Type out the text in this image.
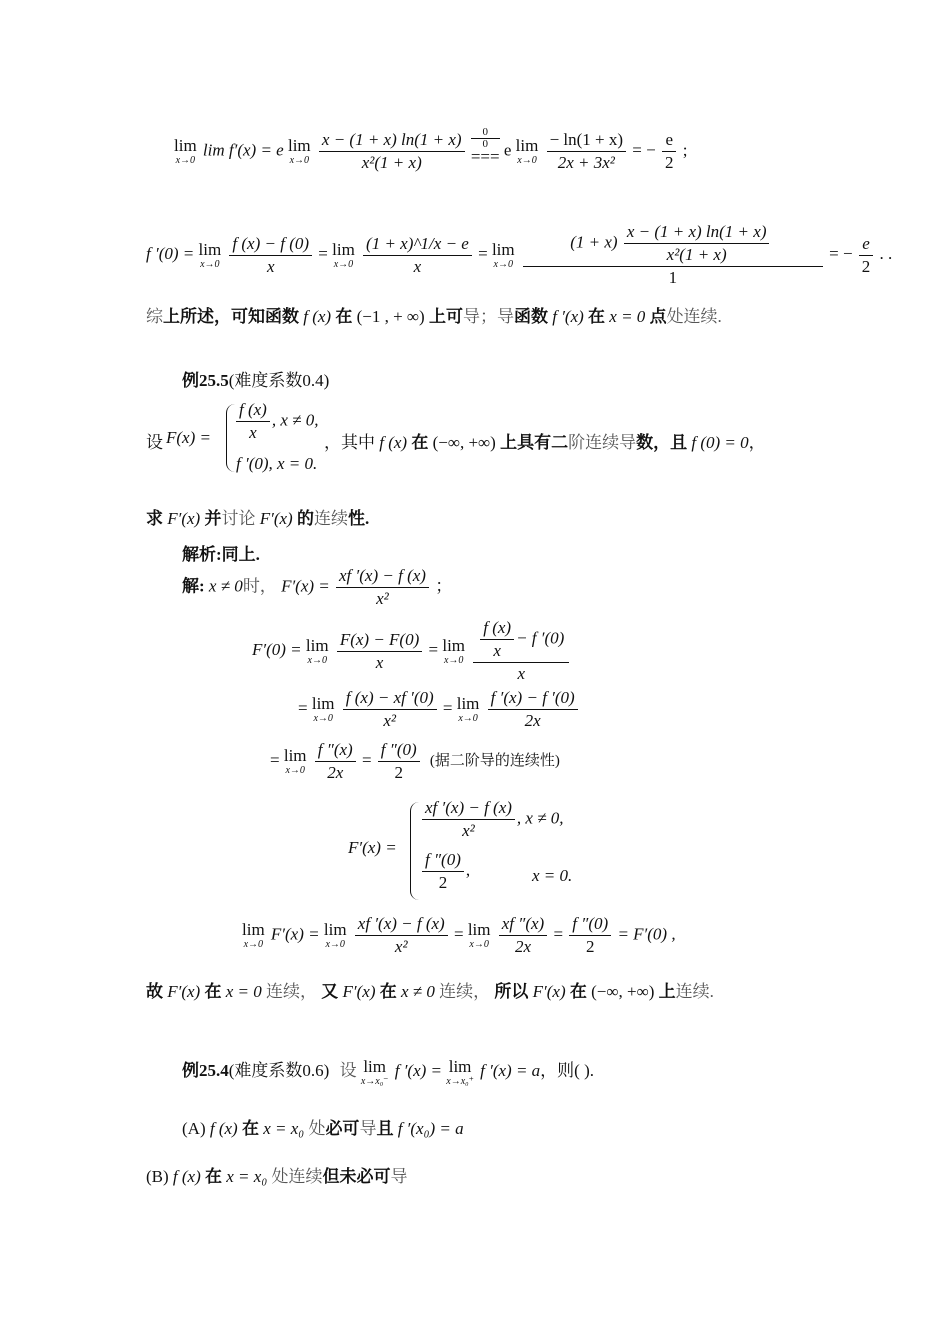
lim
x→0
lim f′(x) = e lim
x→0
$\frac{x - (1 + x) \ln(1 + x)}{\text{x²(1 + x)}}$
	0
0
=== e lim
x→0
$\frac{- \ln(1 + x)}{\text{2x + 3x²}}$ = − $\frac{e}{2}$ ;
f ′(0) = lim
x→0
$\frac{f (x) - f (0)}{x} = \lim$
x→0
$\frac{(1 + x)\^{}1/x - e}{x} = \lim$
x→0
$\frac{(1 + x) \frac{x - (1 + x) \ln(1 + x)}{\text{x²(1 + x)}}}{1}$ = − $\frac{e}{2}$ . .
综上所述，可知函数 f (x) 在 (−1 , + ∞) 上可导；导函数 f ′(x) 在 x = 0 点处连续.
例25.5(难度系数0.4)
设 $F(x) = \frac{f (x)}{x}$ , x ≠ 0,
f ′(0), x = 0.
，其中 f (x) 在 (−∞, +∞) 上具有二阶连续导数，且 f (0) = 0，
求 F′(x) 并讨论 F′(x) 的连续性.
解析:同上.
解: x ≠ 0时， $F'(x) = \frac{xf '(x) - f (x)}{\text{x²}}$ ；
F′(0) = lim
x→0
$\frac{F(x) - F(0)}{x} = \lim$
x→0
$\frac{\frac{f (x)}{x} - f '(0)}{x}$
= lim
x→0
$\frac{f (x) - xf '(0)}{\text{x²}} = \lim$
x→0
$\frac{f '(x) - f '(0)}{2x}$
= lim
x→0
$\frac{f ''(x)}{2x} = \frac{f ''(0)}{2}$ (据二阶导的连续性)
F′(x) =
$\frac{xf '(x) - f (x)}{\text{x²}}$ , x ≠ 0,
$\frac{f ''(0)}{2}$ ,	x = 0.
lim
x→0
F′(x) = lim
x→0
$\frac{xf '(x) - f (x)}{\text{x²}} = \lim$
x→0
$\frac{xf ''(x)}{2x} = \frac{f ''(0)}{2} = F'(0)$ ,
故 F′(x) 在 x = 0 连续， 又 F′(x) 在 x ≠ 0 连续， 所以 F′(x) 在 (−∞, +∞) 上连续.
例25.4(难度系数0.6) 设 lim
x→x₀⁻
f ′(x) = lim
x→x₀⁺
f ′(x) = a，则( ).
(A) f (x) 在 x = x₀ 处必可导且 f ′(x₀) = a
(B) f (x) 在 x = x₀ 处连续但未必可导
